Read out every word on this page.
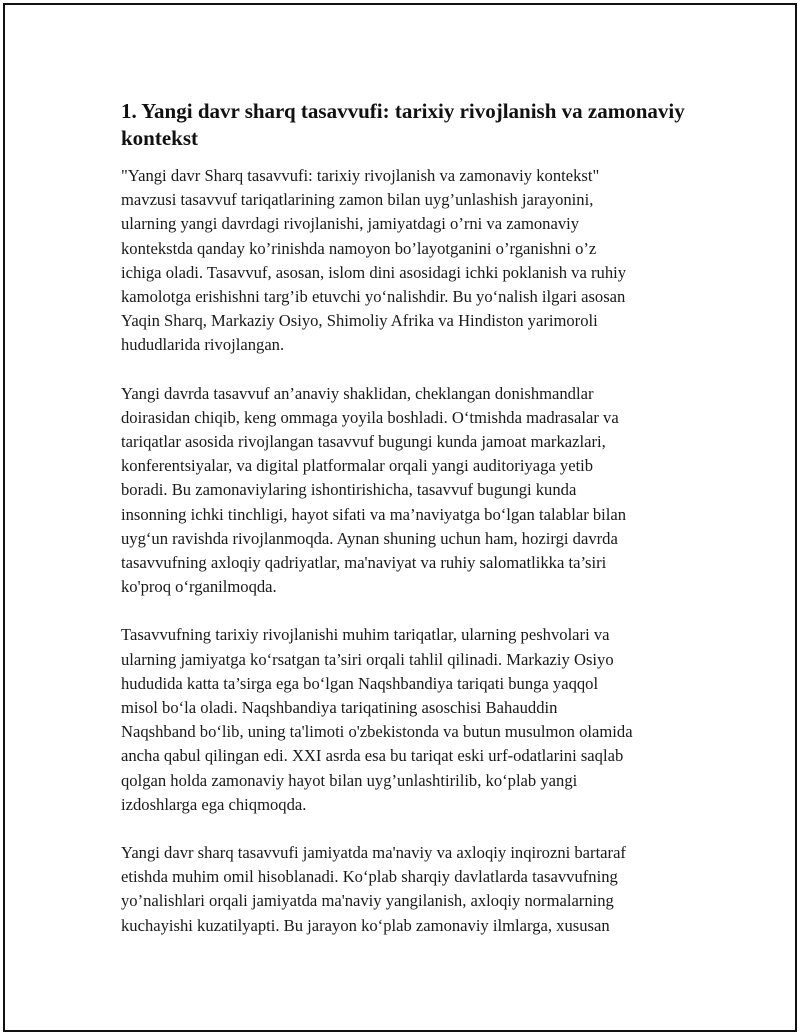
1. Yangi davr sharq tasavvufi: tarixiy rivojlanish va zamonaviy kontekst

"Yangi davr Sharq tasavvufi: tarixiy rivojlanish va zamonaviy kontekst"
mavzusi tasavvuf tariqatlarining zamon bilan uyg’unlashish jarayonini,
ularning yangi davrdagi rivojlanishi, jamiyatdagi o’rni va zamonaviy
kontekstda qanday ko’rinishda namoyon bo’layotganini o’rganishni o’z
ichiga oladi. Tasavvuf, asosan, islom dini asosidagi ichki poklanish va ruhiy
kamolotga erishishni targ’ib etuvchi yo‘nalishdir. Bu yo‘nalish ilgari asosan
Yaqin Sharq, Markaziy Osiyo, Shimoliy Afrika va Hindiston yarimoroli
hududlarida rivojlangan.

Yangi davrda tasavvuf an’anaviy shaklidan, cheklangan donishmandlar
doirasidan chiqib, keng ommaga yoyila boshladi. O‘tmishda madrasalar va
tariqatlar asosida rivojlangan tasavvuf bugungi kunda jamoat markazlari,
konferentsiyalar, va digital platformalar orqali yangi auditoriyaga yetib
boradi. Bu zamonaviylaring ishontirishicha, tasavvuf bugungi kunda
insonning ichki tinchligi, hayot sifati va ma’naviyatga bo‘lgan talablar bilan
uyg‘un ravishda rivojlanmoqda. Aynan shuning uchun ham, hozirgi davrda
tasavvufning axloqiy qadriyatlar, ma'naviyat va ruhiy salomatlikka ta’siri
ko'proq o‘rganilmoqda.

Tasavvufning tarixiy rivojlanishi muhim tariqatlar, ularning peshvolari va
ularning jamiyatga ko‘rsatgan ta’siri orqali tahlil qilinadi. Markaziy Osiyo
hududida katta ta’sirga ega bo‘lgan Naqshbandiya tariqati bunga yaqqol
misol bo‘la oladi. Naqshbandiya tariqatining asoschisi Bahauddin
Naqshband bo‘lib, uning ta'limoti o'zbekistonda va butun musulmon olamida
ancha qabul qilingan edi. XXI asrda esa bu tariqat eski urf-odatlarini saqlab
qolgan holda zamonaviy hayot bilan uyg’unlashtirilib, ko‘plab yangi
izdoshlarga ega chiqmoqda.

Yangi davr sharq tasavvufi jamiyatda ma'naviy va axloqiy inqirozni bartaraf
etishda muhim omil hisoblanadi. Ko‘plab sharqiy davlatlarda tasavvufning
yo’nalishlari orqali jamiyatda ma'naviy yangilanish, axloqiy normalarning
kuchayishi kuzatilyapti. Bu jarayon ko‘plab zamonaviy ilmlarga, xususan
